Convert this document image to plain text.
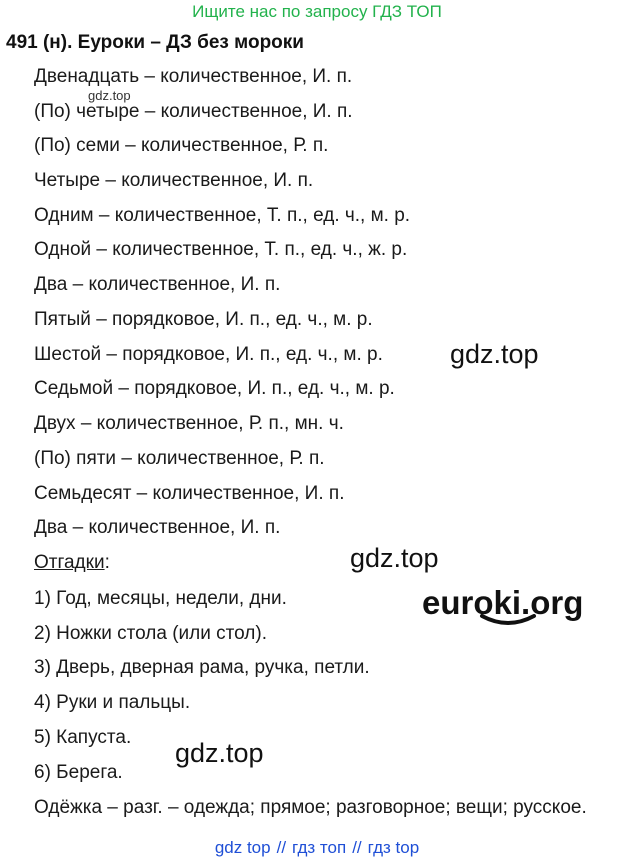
Ищите нас по запросу ГДЗ ТОП
491 (н). Еуроки – ДЗ без мороки
Двенадцать – количественное, И. п.
(По) четыре – количественное, И. п.
(По) семи – количественное, Р. п.
Четыре – количественное, И. п.
Одним – количественное, Т. п., ед. ч., м. р.
Одной – количественное, Т. п., ед. ч., ж. р.
Два – количественное, И. п.
Пятый – порядковое, И. п., ед. ч., м. р.
Шестой – порядковое, И. п., ед. ч., м. р.
Седьмой – порядковое, И. п., ед. ч., м. р.
Двух – количественное, Р. п., мн. ч.
(По) пяти – количественное, Р. п.
Семьдесят – количественное, И. п.
Два – количественное, И. п.
Отгадки:
1) Год, месяцы, недели, дни.
2) Ножки стола (или стол).
3) Дверь, дверная рама, ручка, петли.
4) Руки и пальцы.
5) Капуста.
6) Берега.
Одёжка – разг. – одежда; прямое; разговорное; вещи; русское.
gdz.top
gdz.top
gdz.top
gdz.top
euroki.org
gdz top // гдз топ // гдз top
